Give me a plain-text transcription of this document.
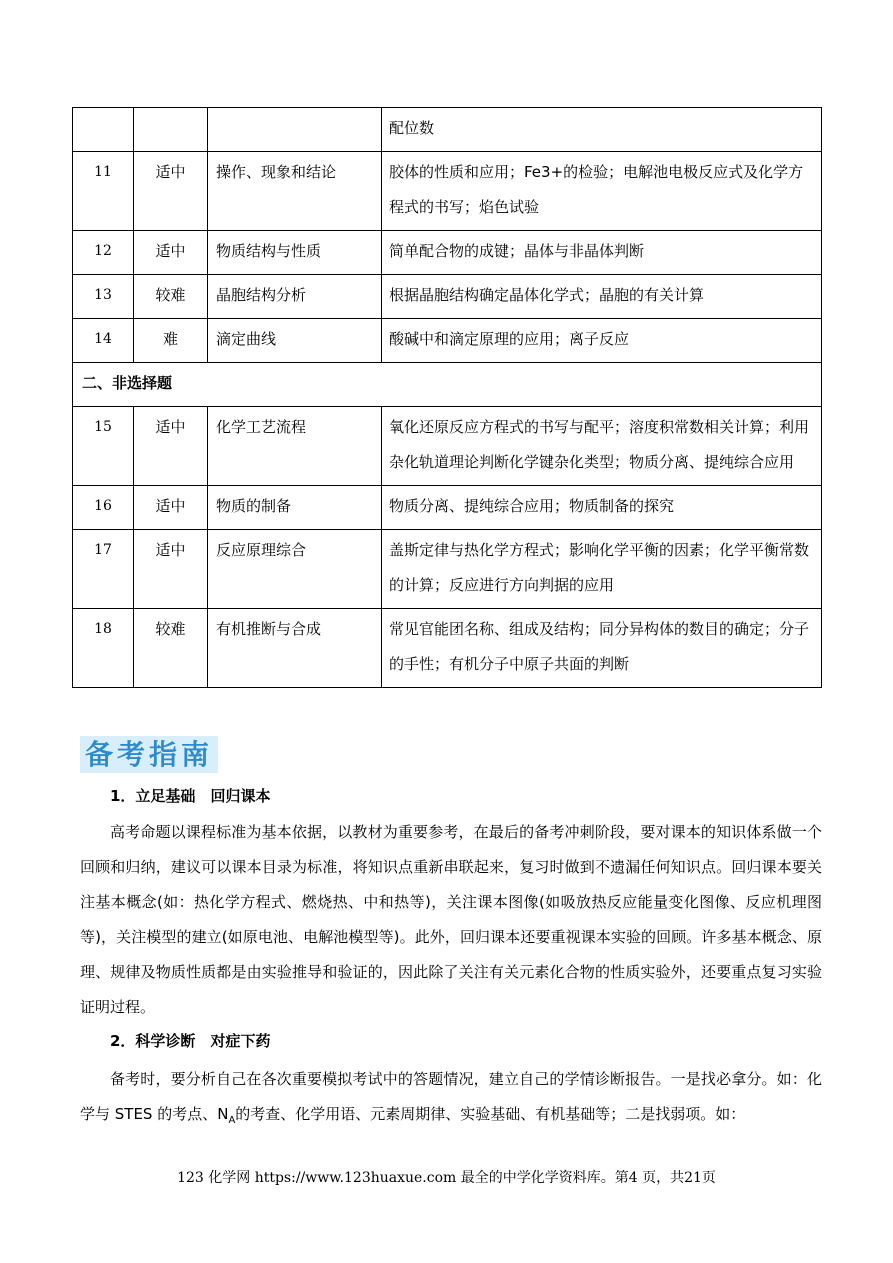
			配位数
11	适中	操作、现象和结论	胶体的性质和应用；Fe3+的检验；电解池电极反应式及化学方程式的书写；焰色试验
12	适中	物质结构与性质	简单配合物的成键；晶体与非晶体判断
13	较难	晶胞结构分析	根据晶胞结构确定晶体化学式；晶胞的有关计算
14	难	滴定曲线	酸碱中和滴定原理的应用；离子反应
二、非选择题			
15	适中	化学工艺流程	氧化还原反应方程式的书写与配平；溶度积常数相关计算；利用杂化轨道理论判断化学键杂化类型；物质分离、提纯综合应用
16	适中	物质的制备	物质分离、提纯综合应用；物质制备的探究
17	适中	反应原理综合	盖斯定律与热化学方程式；影响化学平衡的因素；化学平衡常数的计算；反应进行方向判据的应用
18	较难	有机推断与合成	常见官能团名称、组成及结构；同分异构体的数目的确定；分子的手性；有机分子中原子共面的判断
备考指南
1．立足基础　回归课本
高考命题以课程标准为基本依据，以教材为重要参考，在最后的备考冲刺阶段，要对课本的知识体系做一个回顾和归纳，建议可以课本目录为标准，将知识点重新串联起来，复习时做到不遗漏任何知识点。回归课本要关注基本概念(如：热化学方程式、燃烧热、中和热等)，关注课本图像(如吸放热反应能量变化图像、反应机理图等)，关注模型的建立(如原电池、电解池模型等)。此外，回归课本还要重视课本实验的回顾。许多基本概念、原理、规律及物质性质都是由实验推导和验证的，因此除了关注有关元素化合物的性质实验外，还要重点复习实验证明过程。
2．科学诊断　对症下药
备考时，要分析自己在各次重要模拟考试中的答题情况，建立自己的学情诊断报告。一是找必拿分。如：化学与 STES 的考点、$N_A$的考查、化学用语、元素周期律、实验基础、有机基础等；二是找弱项。如：
123 化学网 https://www.123huaxue.com 最全的中学化学资料库。第4 页，共21页
